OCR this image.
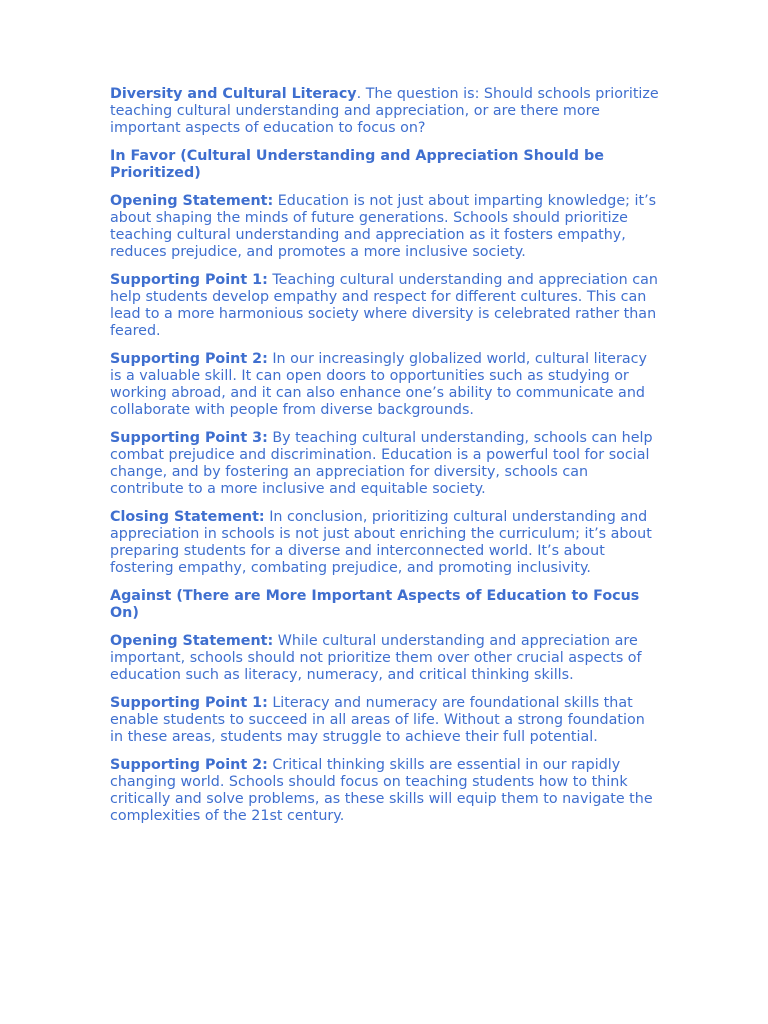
Diversity and Cultural Literacy. The question is: Should schools prioritize teaching cultural understanding and appreciation, or are there more important aspects of education to focus on?

In Favor (Cultural Understanding and Appreciation Should be Prioritized)

Opening Statement: Education is not just about imparting knowledge; it’s about shaping the minds of future generations. Schools should prioritize teaching cultural understanding and appreciation as it fosters empathy, reduces prejudice, and promotes a more inclusive society.

Supporting Point 1: Teaching cultural understanding and appreciation can help students develop empathy and respect for different cultures. This can lead to a more harmonious society where diversity is celebrated rather than feared.

Supporting Point 2: In our increasingly globalized world, cultural literacy is a valuable skill. It can open doors to opportunities such as studying or working abroad, and it can also enhance one’s ability to communicate and collaborate with people from diverse backgrounds.

Supporting Point 3: By teaching cultural understanding, schools can help combat prejudice and discrimination. Education is a powerful tool for social change, and by fostering an appreciation for diversity, schools can contribute to a more inclusive and equitable society.

Closing Statement: In conclusion, prioritizing cultural understanding and appreciation in schools is not just about enriching the curriculum; it’s about preparing students for a diverse and interconnected world. It’s about fostering empathy, combating prejudice, and promoting inclusivity.

Against (There are More Important Aspects of Education to Focus On)

Opening Statement: While cultural understanding and appreciation are important, schools should not prioritize them over other crucial aspects of education such as literacy, numeracy, and critical thinking skills.

Supporting Point 1: Literacy and numeracy are foundational skills that enable students to succeed in all areas of life. Without a strong foundation in these areas, students may struggle to achieve their full potential.

Supporting Point 2: Critical thinking skills are essential in our rapidly changing world. Schools should focus on teaching students how to think critically and solve problems, as these skills will equip them to navigate the complexities of the 21st century.
